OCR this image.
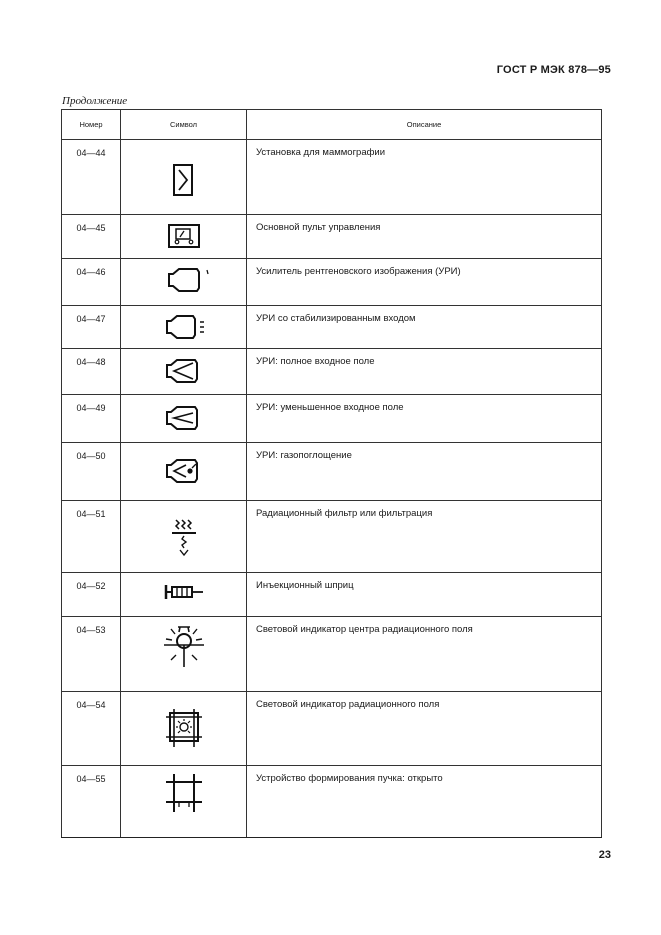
ГОСТ Р МЭК 878—95
Продолжение
Номер	Символ	Описание
04—44		Установка для маммографии
04—45		Основной пульт управления
04—46		Усилитель рентгеновского изображения (УРИ)
04—47		УРИ со стабилизированным входом
04—48		УРИ: полное входное поле
04—49		УРИ: уменьшенное входное поле
04—50		УРИ: газопоглощение
04—51		Радиационный фильтр или фильтрация
04—52		Инъекционный шприц
04—53		Световой индикатор центра радиационного поля
04—54		Световой индикатор радиационного поля
04—55		Устройство формирования пучка: открыто
23
